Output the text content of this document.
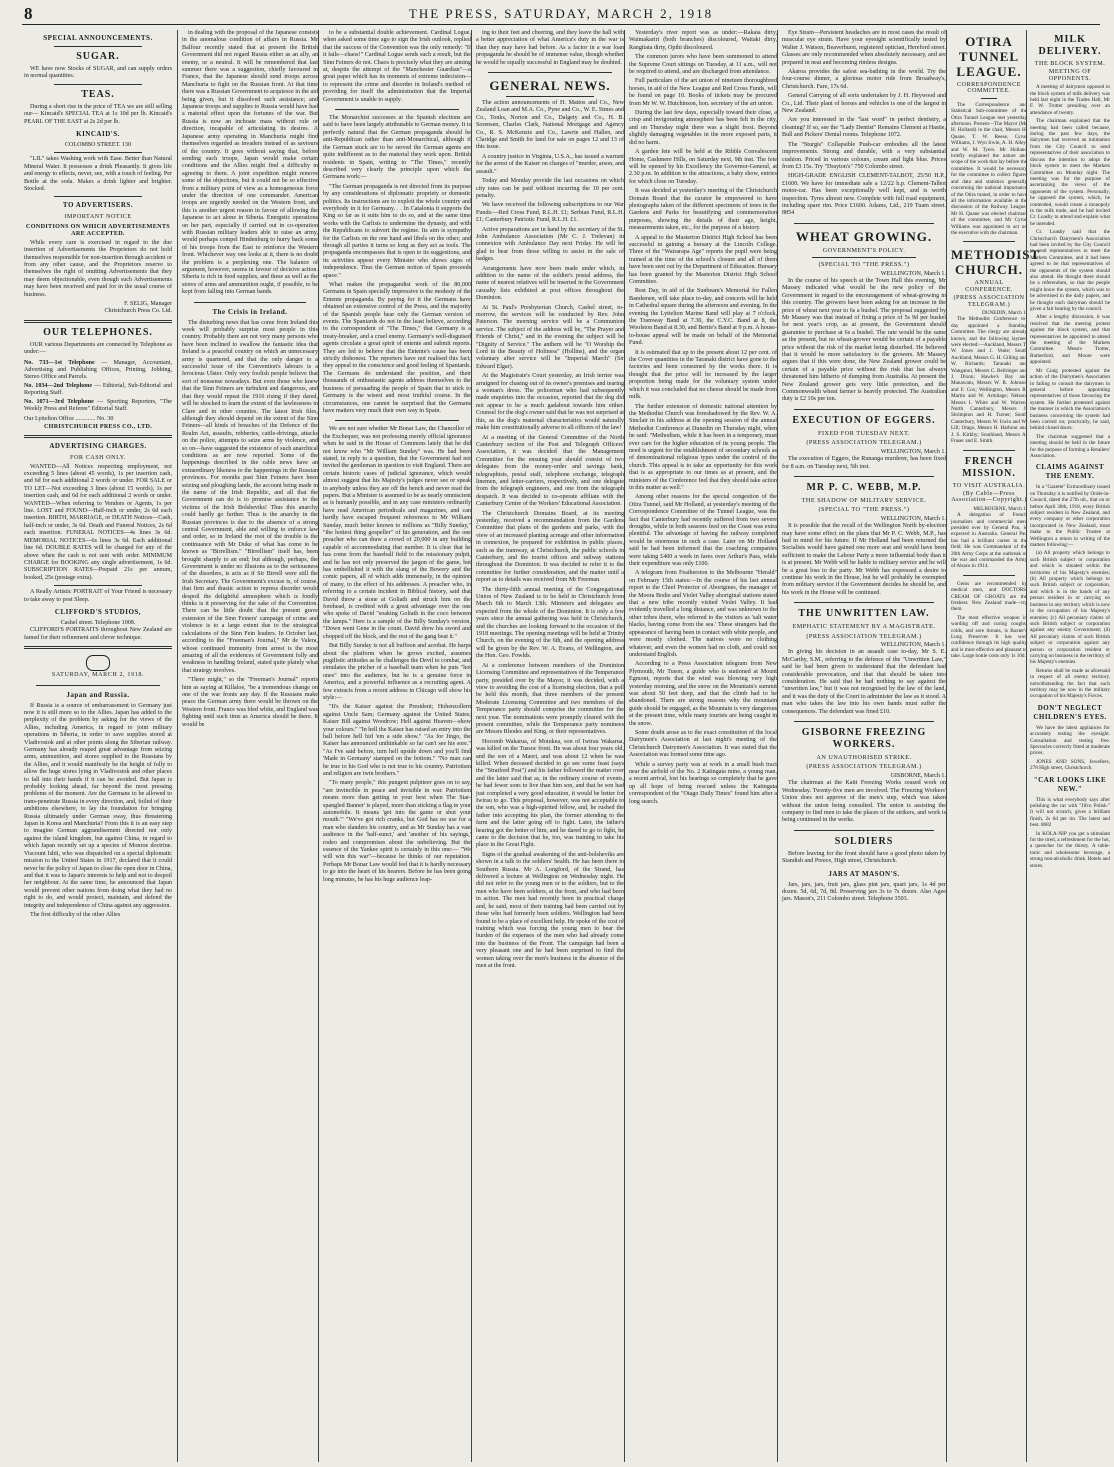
8	THE PRESS, SATURDAY, MARCH 2, 1918
SPECIAL ANNOUNCEMENTS.
SUGAR.

WE have now Stocks of SUGAR, and can supply orders in normal quantities.

TEAS.

During a short rise in the price of TEA we are still selling our— Kincaid's SPECIAL TEA at 1s 10d per lb. Kincaid's PEARL OF THE EAST at 2s 2d per lb.

KINCAID'S.
COLOMBO STREET. 130

"LIL" takes Washing work with Ease. Better than Natural Mineral Water. It possesses a drink Pleasantly. It gives life and energy to effects, never, see, with a touch of feeling. Per Bottle at the soda. Makes a drink lighter and brighter. Stocked.

TO ADVERTISERS.
IMPORTANT NOTICE
CONDITIONS ON WHICH ADVERTISEMENTS ARE ACCEPTED.

While every care is exercised in regard to the due insertion of Advertisements the Proprietors do not hold themselves responsible for non-insertion through accident or from any other cause, and the Proprietors reserve to themselves the right of omitting Advertisements that they may deem objectionable, even though such Advertisements may have been received and paid for in the usual course of business.

F. SELIG, Manager
Christchurch Press Co. Ltd.
OUR TELEPHONES.

OUR various Departments are connected by Telephone as under:—

No. 733—1st Telephone — Manager, Accountant, Advertising and Publishing Offices, Printing, Jobbing, Stereo Office and Parcels.
No. 1034—2nd Telephone — Editorial, Sub-Editorial and Reporting Staff.
No. 1071—3rd Telephone — Sporting Reporters, "The Weekly Press and Referee" Editorial Staff.
Our Lyttelton Office ............. No. 30
CHRISTCHURCH PRESS CO., LTD.
ADVERTISING CHARGES.
FOR CASH ONLY.

WANTED—All Notices respecting employment, not exceeding 5 lines (about 45 words), 1s per insertion cash, and 6d for each additional 2 words or under. FOR SALE or TO LET—Not exceeding 3 lines (about 15 words), 1s per insertion cash, and 6d for each additional 2 words or under. WANTED—When referring to Vendors or Agents, 1s per line. LOST and FOUND—Half-inch or under, 2s 6d each insertion. BIRTH, MARRIAGE, or DEATH Notices—Cash, half-inch or under, 3s 6d. Death and Funeral Notices, 2s 6d each insertion. FUNERAL NOTICES—4s lines 3s 6d. MEMORIAL NOTICES—6s lines 3s 6d. Each additional line 6d. DOUBLE RATES will be charged for any of the above when the cash is not sent with order. MINIMUM CHARGE for BOOKING any single advertisement, 1s 6d. SUBSCRIPTION RATES—Prepaid 21s per annum, booked, 25s (postage extra).

A Really Artistic PORTRAIT of Your Friend is necessary to take away to post Sleep.

CLIFFORD'S STUDIOS,
Cashel street. Telephone 1008.

CLIFFORD'S PORTRAITS throughout New Zealand are famed for their refinement and clever technique.

SATURDAY, MARCH 2, 1918.
Japan and Russia.

If Russia is a source of embarrassment to Germany just now it is still more so to the Allies. Japan has added to the perplexity of the problem by asking for the views of the Allies, including America, in regard to joint military operations in Siberia, in order to save supplies stored at Vladivostok and at other points along the Siberian railway. Germany has already reaped great advantage from seizing arms, ammunition, and stores supplied to the Russians by the Allies, and it would manifestly be the height of folly to allow the huge stores lying in Vladivostok and other places to fall into their hands if it can be avoided. But Japan is probably looking ahead, far beyond the most pressing problems of the moment. Are the Germans to be allowed to trans-penetrate Russia in every direction, and, foiled of their ambitions elsewhere, to lay the foundation for bringing Russia ultimately under German sway, thus threatening Japan in Korea and Manchuria? From this it is an easy step to imagine German aggrandisement directed not only against the island kingdom, but against China, in regard to which Japan recently set up a species of Monroe doctrine. Viscount Ishii, who was dispatched on a special diplomatic mission to the United States in 1917, declared that it could never be the policy of Japan to close the open door in China, and that it was to Japan's interests to help and not to despoil her neighbour. At the same time, he announced that Japan would prevent other nations from doing what they had no right to do, and would protect, maintain, and defend the integrity and independence of China against any aggression.

The first difficulty of the other Allies

in dealing with the proposal of the Japanese consists in the anomalous condition of affairs in Russia. Mr Balfour recently stated that at present the British Government did not regard Russia either as an ally, an enemy, or a neutral. It will be remembered that last summer there was a suggestion, chiefly favoured in France, that the Japanese should send troops across Manchuria to fight on the Russian front. At that time there was a Russian Government to acquiesce in the aid being given, but it dissolved such assistance; and Japanese troops and supplies to Russia would have had a material effect upon the fortunes of the war. But Russia is now an inchoate mass without rule or direction, incapable of articulating its desires. A Japanese army operating in Manchuria might find themselves regarded as invaders instead of as saviours of the country. It goes without saying that, before sending such troops, Japan would make certain conditions and the Allies might find a difficulty in agreeing to them. A joint expedition might remove some of the objections, but it could not be so effective from a military point of view as a homogeneous force under the direction of one commander. American troops are urgently needed on the Western front, and this is another urgent reason in favour of allowing the Japanese to act alone in Siberia. Energetic operations on her part, especially if carried out in co-operation with Russian military leaders able to raise an army, would perhaps compel Hindenburg to hurry back some of his troops from the East to reinforce the Western front. Whichever way one looks at it, there is no doubt the problem is a perplexing one. The balance of argument, however, seems in favour of decisive action. Siberia is rich in food supplies, and these as well as the stores of arms and ammunition ought, if possible, to be kept from falling into German hands.

The Crisis in Ireland.

The disturbing news that has come from Ireland this week will probably surprise most people in this country. Probably there are not very many persons who have been inclined to swallow the fantastic idea that Ireland is a peaceful country on which an unnecessary army is quartered, and that the only danger to a successful issue of the Convention's labours is a ferocious Ulster. Only very foolish people believe that sort of nonsense nowadays. But even those who knew that the Sinn Feiners are turbulent and dangerous, and that they would repeat the 1916 rising if they dared, will be shocked to learn the extent of the lawlessness in Clare and in other counties. The latest Irish files, although they should depend on the extent of the Sinn Feiners—all kinds of breaches of the Defence of the Realm Act, assaults, robberies, cattle-drivings, attacks on the police, attempts to seize arms by violence, and so on—have suggested the existence of such anarchical conditions as are now reported. Some of the happenings described in the cable news have an extraordinary likeness to the happenings in the Russian provinces. For months past Sinn Feiners have been seizing and ploughing lands, the account being made in the name of the Irish Republic, and all that the Government can do is to promise assistance to the victims of the Irish Bolsheviks! Thus this anarchy could hardly go further. Thus is the anarchy in the Russian provinces is due to the absence of a strong central Government, able and willing to enforce law and order, so in Ireland the root of the trouble is the continuance with Mr Duke of what has come to be known as "Birrellism." "Birrellism" itself has, been brought sharply to an end; but although, perhaps, the Government is under no illusions as to the seriousness of the disorders, is acts as if Sir Birrell were still the Irish Secretary. The Government's excuse is, of course, that firm and drastic action to repress disorder would despoil the delightful atmosphere which is fondly thinks is it preserving for the sake of the Convention. There can be little doubt that the present grave extension of the Sinn Feiners' campaign of crime and violence is to a large extent due to the strategical calculations of the Sinn Fein leaders. In October last, according to the "Freeman's Journal," Mr de Valera, whose continued immunity from arrest is the most amazing of all the evidences of Government folly and weakness in handling Ireland, stated quite plainly what that strategy involves.

"There might," so the "Freeman's Journal" reports him as saying at Killaloe, "be a tremendous change on one of the war fronts any day. If the Russians make peace the German army there would be thrown on the Western front. France was bled white, and England was fighting until such time as America should be there. It would be

to be a substantial double achievement. Cardinal Logue, when asked some time ago to sign the Irish outlook, replied that the success of the Convention was the only remedy: "If it fails—chaos!" Cardinal Logue sends such a result, but the Sinn Feiners do not. Chaos is precisely what they are aiming at, despite the attempt of the "Manchester Guardian"—a great paper which has its moments of extreme indecision—to represent the crime and disorder in Ireland's method of providing for itself the administration that the Imperial Government is unable to supply.

The Monarchist successes at the Spanish elections are said to have been largely attributable to German money. It is perfectly natural that the German propaganda should be anti-Republican rather than anti-Monarchical, although if the German stuck are to be served the German agents are quite indifferent as to the material they work upon. British residents in Spain, writing to "The Times," recently described very clearly the principle upon which the Germans work:—

"The German propaganda is not directed from its purpose by any considerations of diplomatic propriety or domestic politics. Its instructions are to exploit the whole country and everybody in it for Germany. . . In Catalonia it supports the King so far as it suits him to do so, and at the same time works with the Carlists to undermine the dynasty, and with the Republicans to subvert the regime. Its aim is sympathy for the Carlists on the one hand and libels on the other; and through all parties it turns so long as they act as tools. The propaganda encompasses that is open to its suggestions, and its activities appear every Minister who shows signs of independence. Thus the German notion of Spain proceeds apace."

What makes the propagandist work of the 80,000 Germans in Spain specially impressive is the modesty of the Entente propaganda. By paying for it the Germans have obtained an extensive control of the Press, and the majority of the Spanish people hear only the German version of events. The Spaniards do not in the least believe, according to the correspondent of "The Times," that Germany is a treaty-breaker, and a cruel enemy. Germany's well-disguised agents circulate a great spirit of entente and submit reports. They are led to believe that the Entente's cause has been strictly dishonest. The reporters have not realised this fact; they appeal to the conscience and good feeling of Spaniards. The Germans do understand the position, and their thousands of enthusiastic agents address themselves to the business of persuading the people of Spain that to stick to Germany is the wisest and most truthful course. In the circumstances, one cannot be surprised that the Germans have matters very much their own way in Spain.

We are not sure whether Mr Bonar Law, the Chancellor of the Exchequer, was not professing merely official ignorance when he said in the House of Commons lately that he did not know who "Mr William Sunday" was. He had been stated, in reply to a question, that the Government had not invited the gentleman in question to visit England. There are certain historic cases of judicial ignorance, which would almost suggest that his Majesty's judges never see or speak to anybody unless they are off the bench and never read the papers. But a Minister is assumed to be as nearly omniscient as is humanly possible, and in any case ministers ordinarily have read American periodicals and magazines, and can hardly have escaped frequent references to Mr William Sunday, much better known to millions as "Billy Sunday," "the hottest thing gospeller" of his generation, and the one preacher who can draw a crowd of 20,000 in any building capable of accommodating that number. It is clear that he has come from the baseball field to the missionary pulpit, and he has not only preserved the jargon of the game, but has embellished it with the slang of the Bowery and the comic papers, all of which adds immensely, in the opinion of many, to the effect of his addresses. A preacher who, in referring to a certain incident in Biblical history, said that David threw a stone at Goliath and struck him on the forehead, is credited with a great advantage over the one who spoke of David "soaking Goliath in the coco between the lamps." Here is a sample of the Billy Sunday's version, "Down went Gene in the count. David drew his sword and chopped off the block, and the rest of the gang beat it."

But Billy Sunday is not all buffoon and acrobat. He harps about the platform when he grows excited, assumes pugilistic attitudes as he challenges the Devil to combat, and simulates the pitcher of a baseball team when he puts "hot ones" into the audience, but he is a genuine force in America, and a powerful influence as a recruiting agent. A few extracts from a recent address in Chicago will show his style:—

"It's the Kaiser against the President; Hohenzollern against Uncle Sam; Germany against the United States; Kaiser Bill against Woodrow; Hell against Heaven—show your colours." "In hell the Kaiser has raised an entry into the hall before hell bid 'em a side show." "As for Jingo, the Kaiser has announced unthinkable so far can't see his sore." "As I've said before, turn hell upside down and you'll find 'Made in Germany' stamped on the bottom." "No man can be true to his God who is not true to his country. Patriotism and religion are twin brothers."

"To many people," this pungent pulpiteer goes on to say, "are invincible in peace and invisible in war. Patriotism means more than getting in your best when The Star-spangled Banner' is played, more than sticking a flag in your automobile. It means 'get into the game or shut your mouth.'" "We've got rich cranks, but God has no use for a man who slanders his country, and as Mr Sunday has a vast audience in the 'half-sunct,' and 'another of his sayings,' rodeo and compromises about the unbelieving. But the essence of the Yankee spirit is certainly in this one:— "We will win this war"—because he thinks of our reputation. Perhaps Mr Bonar Law would feel that it is hardly necessary to go into the heart of his hearers. Before he has been going long minutes, he has his huge audience leap-

ing to their feet and cheering, and they leave the hall with a better appreciation of what America's duty in the war is than they may have had before. As a factor in a war loan propaganda he should be of immense value, though whether he would be equally successful in England may be doubted.

GENERAL NEWS.

The action announcements of H. Mattos and Co., New Zealand Loan and M.A. Co., Pyne and Co., W. E. Simes and Co., Tonks, Norton and Co., Dalgety and Co., H. B. Sorensen, Charles Clark, National Mortgage and Agency Co., R. S. McKenzie and Co., Lawrie and Hallen, and Claridge and Smith for land for sale on pages 12 and 13 of this issue.

A country justice in Virginia, U.S.A., has issued a warrant for the arrest of the Kaiser on charges of "murder, arson, and assault."

Today and Monday provide the last occasions on which city rates can be paid without incurring the 10 per cent. penalty.

We have received the following subscriptions to our War Funds:—Red Cross Fund, R.L.H. £1; Serbian Fund, R.L.H. £1; Canterbury Patriotic Fund, R.L.H. £1.

Active preparations are in hand by the secretary of the St. John Ambulance Association (Mr C. J. Trelevan) in connexion with Ambulance Day next Friday. He will be glad to hear from those willing to assist in the sale of badges.

Arrangements have now been made under which, in addition to the name of the soldier's postal address, the name of nearest relatives will be inserted in the Government casualty lists exhibited at post offices throughout the Dominion.

At St. Paul's Presbyterian Church, Cashel street, to-morrow, the services will be conducted by Rev. John Paterson. The morning service will be a Communion service. The subject of the address will be, "The Prayer and Friends of Christ," and in the evening the subject will be "Dignity of Service." The anthem will be "O Worship the Lord in the Beauty of Holiness" (Hollins), and the organ voluntary after service will be "Imperial March" (Sir Edward Elgar).

At the Magistrate's Court yesterday, an Irish terrier was arraigned for chasing out of its owner's premises and tearing a woman's dress. The policeman who had subsequently made enquiries into the occasion, reported that the dog did not appear to be a much gadabout towards him either. Counsel for the dog's owner said that he was not surprised at this, as the dog's maternal characteristics would naturally make him constitutionally adverse to all officers of the law!

At a meeting of the General Committee of the North Canterbury section of the Post and Telegraph Officers' Association, it was decided that the Management Committee for the ensuing year should consist of two delegates from the money-order and savings bank, telegraphists, postal staff, telephone exchange, telegraph linemen, and letter-carriers, respectively, and one delegate from the telegraph engineers, and one from the telegraph despatch. It was decided to co-operate affiliate with the Canterbury Centre of the Workers' Educational Association.

The Christchurch Domains Board, at its meeting yesterday, received a recommendation from the Gardens Committee that plans of the gardens and parks, with the view of an increased planting acreage and other information in connexion, be prepared for exhibition in public places, such as the tramway, at Christchurch, the public schools in Canterbury, and the tourist offices and railway stations throughout the Dominion. It was decided to refer it to the committee for further consideration, and the matter until a report as to details was received from Mr Freeman.

The thirty-fifth annual meeting of the Congregational Union of New Zealand is to be held in Christchurch from March 6th to March 13th. Ministers and delegates are expected from the whole of the Dominion. It is only a few years since the annual gathering was held in Christchurch, and the churches are looking forward to the occasion of the 1918 meetings. The opening meetings will be held at Trinity Church, on the evening of the 6th, and the opening address will be given by the Rev. W. A. Evans, of Wellington, and the Hon. Geo. Fowlds.

At a conference between members of the Dominion Licensing Committee and representatives of the Temperance party, presided over by the Mayor, it was decided, with a view to avoiding the cost of a licensing election, that a poll be held this month, that three members of the present Moderate Licensing Committee and two members of the Temperance party should comprise the committee for the next year. The nominations were promptly cleared with the present committee, while the Temperance party nominees are Messrs Rhodes and King, or their representatives.

Hocomb Wakarua, of Motukea, son of Iwirau Wakarua, was killed on the Tussoc front. He was about four years old, and the son of a Maori, and was about 12 when he was killed. When deceased decided to go see some feast (says the "Stratford Post") and his father followed the matter over and the latter said that as, in the ordinary course of events, he had fewer sons to live than him son, and that he son had just completed a very good education, it would be better for Iwirau to go. This proposal, however, was not acceptable to the son, who was a high-spirited fellow, and, he rushed the father into accepting his plan, the former attending to the farm and the latter going off to fight. Later, the father's hearing got the better of him, and he dared to go to fight, he came to the decision that he, too, was training to take his place in the Great Fight.

Signs of the gradual awakening of the anti-bolsheviks are shown in a talk to the soldiers' health. He has been there in Southern Russia. Mr A. Longford, of the Strand, has delivered a lecture at Wellington on Wednesday night. He did not refer to the young men or to the soldiers, but to the men who have been soldiers, at the front, and who had been in action. The men had recently been in practical charge and, he said, most of their training had been carried out by those who had formerly been soldiers. Wellington had been found to be a place of excellent help. He spoke of the cost of training which was forcing the young men to bear the burden of the expenses of the men who had already come into the business of the Front. The campaign had been a very pleasant one and he had been surprised to find the women taking over the men's business in the absence of the men at the front.

Yesterday's river report was as under:—Rakaia dirty, Waimakariri (both branches) discoloured, Waitaki dirty, Rangitata dirty, Opihi discoloured.

The common jurors who have been summoned to attend the Supreme Court sittings on Tuesday, at 11 a.m., will not be required to attend, and are discharged from attendance.

Full particulars of the art union of nineteen thoroughbred horses, in aid of the New League and Red Cross Funds, will be found on page 10. Books of tickets may be procured from Mr W. W. Hutchinson, hon. secretary of the art union.

During the last few days, especially toward their close, a crisp and invigorating atmosphere has been felt in the city, and on Thursday night there was a slight frost. Beyond slightly damaging vegetables in the more exposed parts, it did no harm.

A garden fete will be held at the Ribble Convalescent Home, Cashmere Hills, on Saturday next, 9th inst. The fete will be opened by his Excellency the Governor-General, at 2.30 p.m. In addition to the attractions, a baby show, entries for which close on Tuesday.

It was decided at yesterday's meeting of the Christchurch Domain Board that the curator be empowered to have photographs taken of the different specimens of trees in the Gardens and Parks for beautifying and commemoration purposes, showing the details of their age, height, measurements taken, etc., for the purpose of a history.

A appeal to the Masterton District High School has been successful in gaining a bursary at the Lincoln College. Three of the "Wairarapa Age" reports the pupil were being trained at the time of the school's closure and all of them have been sent out by the Department of Education. Bursary has been granted by the Masterton District High School Committee.

Rest Day, in aid of the Sunbeam's Memorial for Fallen Bandsmen, will take place to-day, and concerts will be held in Cathedral square during the afternoon and evening. In the evening the Lyttelton Marine Band will play at 7 o'clock, the Tramway Band at 7.30, the C.Y.C. Band at 8, the Woolston Band at 8.30, and Bertie's Band at 9 p.m. A house-to-house appeal will be made on behalf of the Memorial Fund.

It is estimated that up to the present about 12 per cent. of the Cover quantities in the Taranaki district have gone to the factories and been consumed by the works there. It is thought that the price will be increased by the larger proportion being made for the voluntary system under which it was concluded that no cheese should be made from milk.

The further extension of domestic national attention by the Methodist Church was foreshadowed by the Rev. W. A. Sinclair in his address at the opening session of the annual Methodist Conference at Dunedin on Thursday night, when he said: "Methodism, while it has been in a temporary, must ever care for the higher education of its young people. The need is urgent for the establishment of secondary schools as of denominational religious types under the control of the church. This appeal is to take an opportunity for this work that is as appropriate to our times as at present, and the ministers of the Conference feel that they should take action in this matter as well."

Among other reasons for the special congestion of the Otira Tunnel, said Mr Holland, at yesterday's meeting of the Correspondence Committee of the Tunnel League, was the fact that Canterbury had recently suffered from two severe droughts, while in both seasons feed on the Coast was extra plentiful. The advantage of having the railway completed would be enormous in such a case. Later on Mr Holland said he had been informed that the coaching companies were taking £400 a week in fares over Arthur's Pass, while their expenditure was only £100.

A telegram from Featherston to the Melbourne "Herald" on February 15th states:—In the course of his last annual report to the Chief Protector of Aborigines, the manager of the Moora Bodie and Violet Valley aboriginal stations stated that a new tribe recently visited Violet Valley. It had evidently travelled a long distance, and was unknown to the other tribes there, who referred to the visitors as 'salt water blacks, having come from the sea.' These strangers had the appearance of having been in contact with white people, and were mostly clothed. The natives wore no clothing whatever, and even the women had no cloth, and could not understand English.

According to a Press Association telegram from New Plymouth, Mr Tuson, a guide who is stationed at Mount Egmont, reports that the wind was blowing very high yesterday morning, and the snow on the Mountain's summit was about 50 feet deep, and that the climb had to be abandoned. There are strong reasons why the mountain guide should be engaged, as the Mountain is very dangerous at the present time, while many tourists are being caught in the snow.

Some doubt arose as to the exact constitution of the local Dairymen's Association at last night's meeting of the Christchurch Dairymen's Association. It was stated that the Association was formed some time ago.

While a survey party was at work in a small bush tract near the airfield of the No. 2 Katingata mine, a young man, a recent arrival, lost his bearings so completely that he gave up all hope of being rescued unless the Katingata correspondent of the "Otago Daily Times" found him after a long search.

Eye Strain—Persistent headaches are in most cases the result of muscular eye strain. Have your eyesight scientifically tested by Walter J. Watson, Beaverhurst, registered optician, Hereford street. Glasses are only recommended when absolutely necessary, and are prepared in neat and becoming rimless designs.

Akaroa provides the safest sea-bathing in the world. Try the four-course dinner, a glorious motor ride from Broadway's, Christchurch. Fare, 17s 6d.

General Carrying of all sorts undertaken by J. H. Heywood and Co., Ltd. Their plant of horses and vehicles is one of the largest in New Zealand.

Are you interested in the "last word" in perfect dentistry, a cleaning? If so, see the "Lady Dentist" Remains Clement at Hastie, Bull and Pickers' Dental rooms. Telephone 1072.

The "Sturgis" Collapsible Push-car embodies all the latest improvements. Strong and durable, with a very substantial cushion. Priced in various colours, cream and light blue. Prices from £3 15s. Try "Drayton's" 750 Colombo street.

HIGH-GRADE ENGLISH CLEMENT-TALBOT, 25/50 H.P., £1600. We have for immediate sale a 12/22 h.p. Clement-Talbot motor-car. Has been exceptionally well kept, and is worth inspection. Tyres almost new. Complete with full road equipment, including spare rim. Price £1600. Adams, Ltd., 219 Tuam street. 8854

WHEAT GROWING.
GOVERNMENT'S POLICY.
(SPECIAL TO "THE PRESS.")
WELLINGTON, March 1.

In the course of his speech at the Town Hall this evening, Mr Massey indicated what would be the new policy of the Government in regard to the encouragement of wheat-growing in this country. The growers have been asking for an increase in the price of wheat next year to 6s a bushel. The proposal suggested by Mr Massey was that instead of fixing a price of 5s 9d per bushel for next year's crop, as at present, the Government should guarantee to purchase at 6s a bushel. The rate would be the same as the present, but no wheat-grower would be certain of a payable price without the risk of the market being disturbed. He believed that it would be more satisfactory to the growers. Mr Massey argues that if this were done, the New Zealand grower could be certain of a payable price without the risk that has always threatened him hitherto of dumping from Australia. At present the New Zealand grower gets very little protection, and the Commonwealth wheat farmer is heavily protected. The Australian duty is £2 10s per ton.

EXECUTION OF EGGERS.
FIXED FOR TUESDAY NEXT.
(PRESS ASSOCIATION TELEGRAM.)
WELLINGTON, March 1.

The execution of Eggers, the Runanga murderer, has been fixed for 8 a.m. on Tuesday next, 5th inst.

MR P. C. WEBB, M.P.
THE SHADOW OF MILITARY SERVICE.
(SPECIAL TO "THE PRESS.")
WELLINGTON, March 1.

It is possible that the recall of the Wellington North by-election may have some effect on the plans that Mr P. C. Webb, M.P., has had in mind for his future. If Mr Holland had been returned the Socialists would have gained one more seat and would have been sufficient to make the Labour Party a more influential body than it is at present. Mr Webb will be liable to military service and he will be a great loss to the party. Mr Webb has expressed a desire to continue his work in the House, but he will probably be exempted from military service if the Government decides he should be, and his work in the House will be continued.

THE UNWRITTEN LAW.
EMPHATIC STATEMENT BY A MAGISTRATE.
(PRESS ASSOCIATION TELEGRAM.)
WELLINGTON, March 1.

In giving his decision in an assault case to-day, Mr S. E. McCarthy, S.M., referring to the defence of the "Unwritten Law," said he had been given to understand that the defendant had considerable provocation, and that that should be taken into consideration. He said that he had nothing to say against the "unwritten law," but it was not recognised by the law of the land, and it was the duty of the Court to administer the law as it stood. A man who takes the law into his own hands must suffer the consequences. The defendant was fined £10.

GISBORNE FREEZING WORKERS.
AN UNAUTHORISED STRIKE.
(PRESS ASSOCIATION TELEGRAM.)
GISBORNE, March 1.

The chairman at the Kaiti Freezing Works ceased work on Wednesday. Twenty-five men are involved. The Freezing Workers' Union does not approve of the men's step, which was taken without the union being consulted. The union is assisting the company to find men to take the places of the strikers, and work is being continued in the works.

SOLDIERS

Before leaving for the front should have a good photo taken by Standish and Preece, High street, Christchurch.

JARS AT MASON'S.

Jars, jars, jars, fruit jars, glass pint jars, quart jars, 1s 4d per dozen. 5d, 6d, 7d, 8d. Preserving jars 3s to 7s dozen. Also Agee jars. Mason's, 211 Colombo street. Telephone 3503.

OTIRA TUNNEL LEAGUE.
CORRESPONDENCE COMMITTEE.

The Correspondence and Statistical Sub-committee of the Otira Tunnel League met yesterday afternoon. Present—The Mayor (Mr H. Holland) in the chair, Messrs H. Quane, T. W. Reese, Cyrus Williams, J. Wyn Irwin, A. H. Alley, and W. M. Tyers. Mr Holland briefly explained the nature and scope of the work that lay before the committee. It would be necessary for the committee to collect figures and data and statistics generally concerning the national importance of the Otira tunnel, in order to have all the information available at the discussion of the Railway League. Mr H. Quane was elected chairman of the committee, and Mr Cyrus Williams was appointed to act on the executive with the chairman.

METHODIST CHURCH.
ANNUAL CONFERENCE.
(PRESS ASSOCIATION TELEGRAM.)
DUNEDIN, March 1.

The Methodist Conference to-day appointed a Standing Committee. The clergy are already known, and the following laymen were elected:—Auckland, Messrs T. W. Jones and J. Veale; South Auckland, Messrs G. H. Gilling and W. Richards; Taranaki and Wanganui, Messrs C. Bellringer and J. Dixon; Hawke's Bay and Manawatu, Messrs W. R. Johnson and F. Cox; Wellington, Messrs R. Martin and W. Armitage; Nelson, Messrs I. White and W. Warren; North Canterbury, Messrs J. Shrimpton and H. Turner; South Canterbury, Messrs W. Irwin and W. Lill; Otago, Messrs H. Harbour and J. S. Kirkby; Southland, Messrs A. Fraser and E. Smith.

FRENCH MISSION.
TO VISIT AUSTRALIA.
(By Cable—Press Association—Copyright.)
MELBOURNE, March 1.

A delegation of French journalists and commercial men, presided over by General Pau, is expected in Australia. General Pau has had a brilliant career in the field. He was Commandant of the 20th Army Corps at the outbreak of the war and commanded the Army of Alsace in 1914.

Gems are recommended by medical men, and DOCTORS' CREAM OF GROATS are the freshest. New Zealand made—try them.

The most effective weapon in warding off and curing coughs, colds, and sore throats, is Baxter's Lung Preserver. It has won confidence through its high quality and is most effective and pleasant to take. Large bottle costs only 1s 10d.

MILK DELIVERY.
THE BLOCK SYSTEM.
MEETING OF OPPONENTS.

A meeting of dairymen opposed to the block system of milk delivery was held last night in the Trades Hall, Mr F. W. Trotter presiding over an attendance of twenty.

The chairman explained that the meeting had been called because, during the past few days, the dairymen had received an intimation from the City Council to send representatives of their association to discuss the intention to adopt the block system to meet the Markets Committee on Monday night. The meeting was for the purpose of ascertaining the views of the opponents of the system. Personally, he opposed the system, which, he contended, would create a monopoly in the milk trade, and he had invited Cr. Loasby to attend and explain what he intended.

Cr. Loasby said that the Christchurch Dairymen's Association had been invited by the City Council to send representatives to meet the Markets Committee, and it had been agreed to be that representatives of the opponents of the system should also attend. He thought there should be a referendum, so that the people might know the system, which was to be advertised in the daily papers, and he thought each dairyman should be given a fair hearing by the council.

After a lengthy discussion, it was resolved that the meeting protest against the block system, and that representatives be appointed to attend the meeting of the Markets Committee. Messrs Trotter, Rutherford, and Moore were appointed.

Mr Craig protested against the action of the Dairymen's Association in failing to consult the dairymen in general before appointing representatives of those favouring the system. He further protested against the manner in which the Association's business concerning the system had been carried on; practically, he said, behind closed doors.

The chairman suggested that a meeting should be held in the future for the purpose of forming a Retailers' Association.

CLAIMS AGAINST THE ENEMY.

In a "Gazette" Extraordinary issued on Thursday it is notified by Order-in-Council, dated the 27th ult., that on or before April 30th, 1918, every British subject resident in New Zealand, and every company or other corporation incorporated in New Zealand, must make to the Public Trustee at Wellington a return in writing of the matters following:—

(a) All property which belongs to such British subject or corporation and which is situated within the territories of his Majesty's enemies; (b) All property which belongs to such British subject or corporation, and which is in the hands of any person resident in or carrying on business in any territory which is now in the occupation of his Majesty's enemies; (c) All pecuniary claims of such British subject or corporation against any enemy Government; (d) All pecuniary claims of such British subject or corporation against any person or corporation resident or carrying on business in the territory of his Majesty's enemies.

Returns shall be made as aforesaid in respect of all enemy territory, notwithstanding the fact that such territory may be now in the military occupation of his Majesty's Forces.

DON'T NEGLECT CHILDREN'S EYES.

We have the latest appliances for accurately testing the eyesight. Consultation and testing free. Spectacles correctly fitted at moderate prices.

JONES AND SONS, Jewellers, 278 High street, Christchurch.

"CAR LOOKS LIKE NEW."

This is what everybody says after polishing the car with "Jifco Polish." It will not scratch, gives a brilliant finish, 2s 6d per tin. The latest and best. 8682

In KOLA-NIP you get a stimulant for the tired, a refreshment for the hot, a quencher for the thirsty. A table-tonic and wholesome beverage, a strong non-alcoholic drink. Hotels and stores.
